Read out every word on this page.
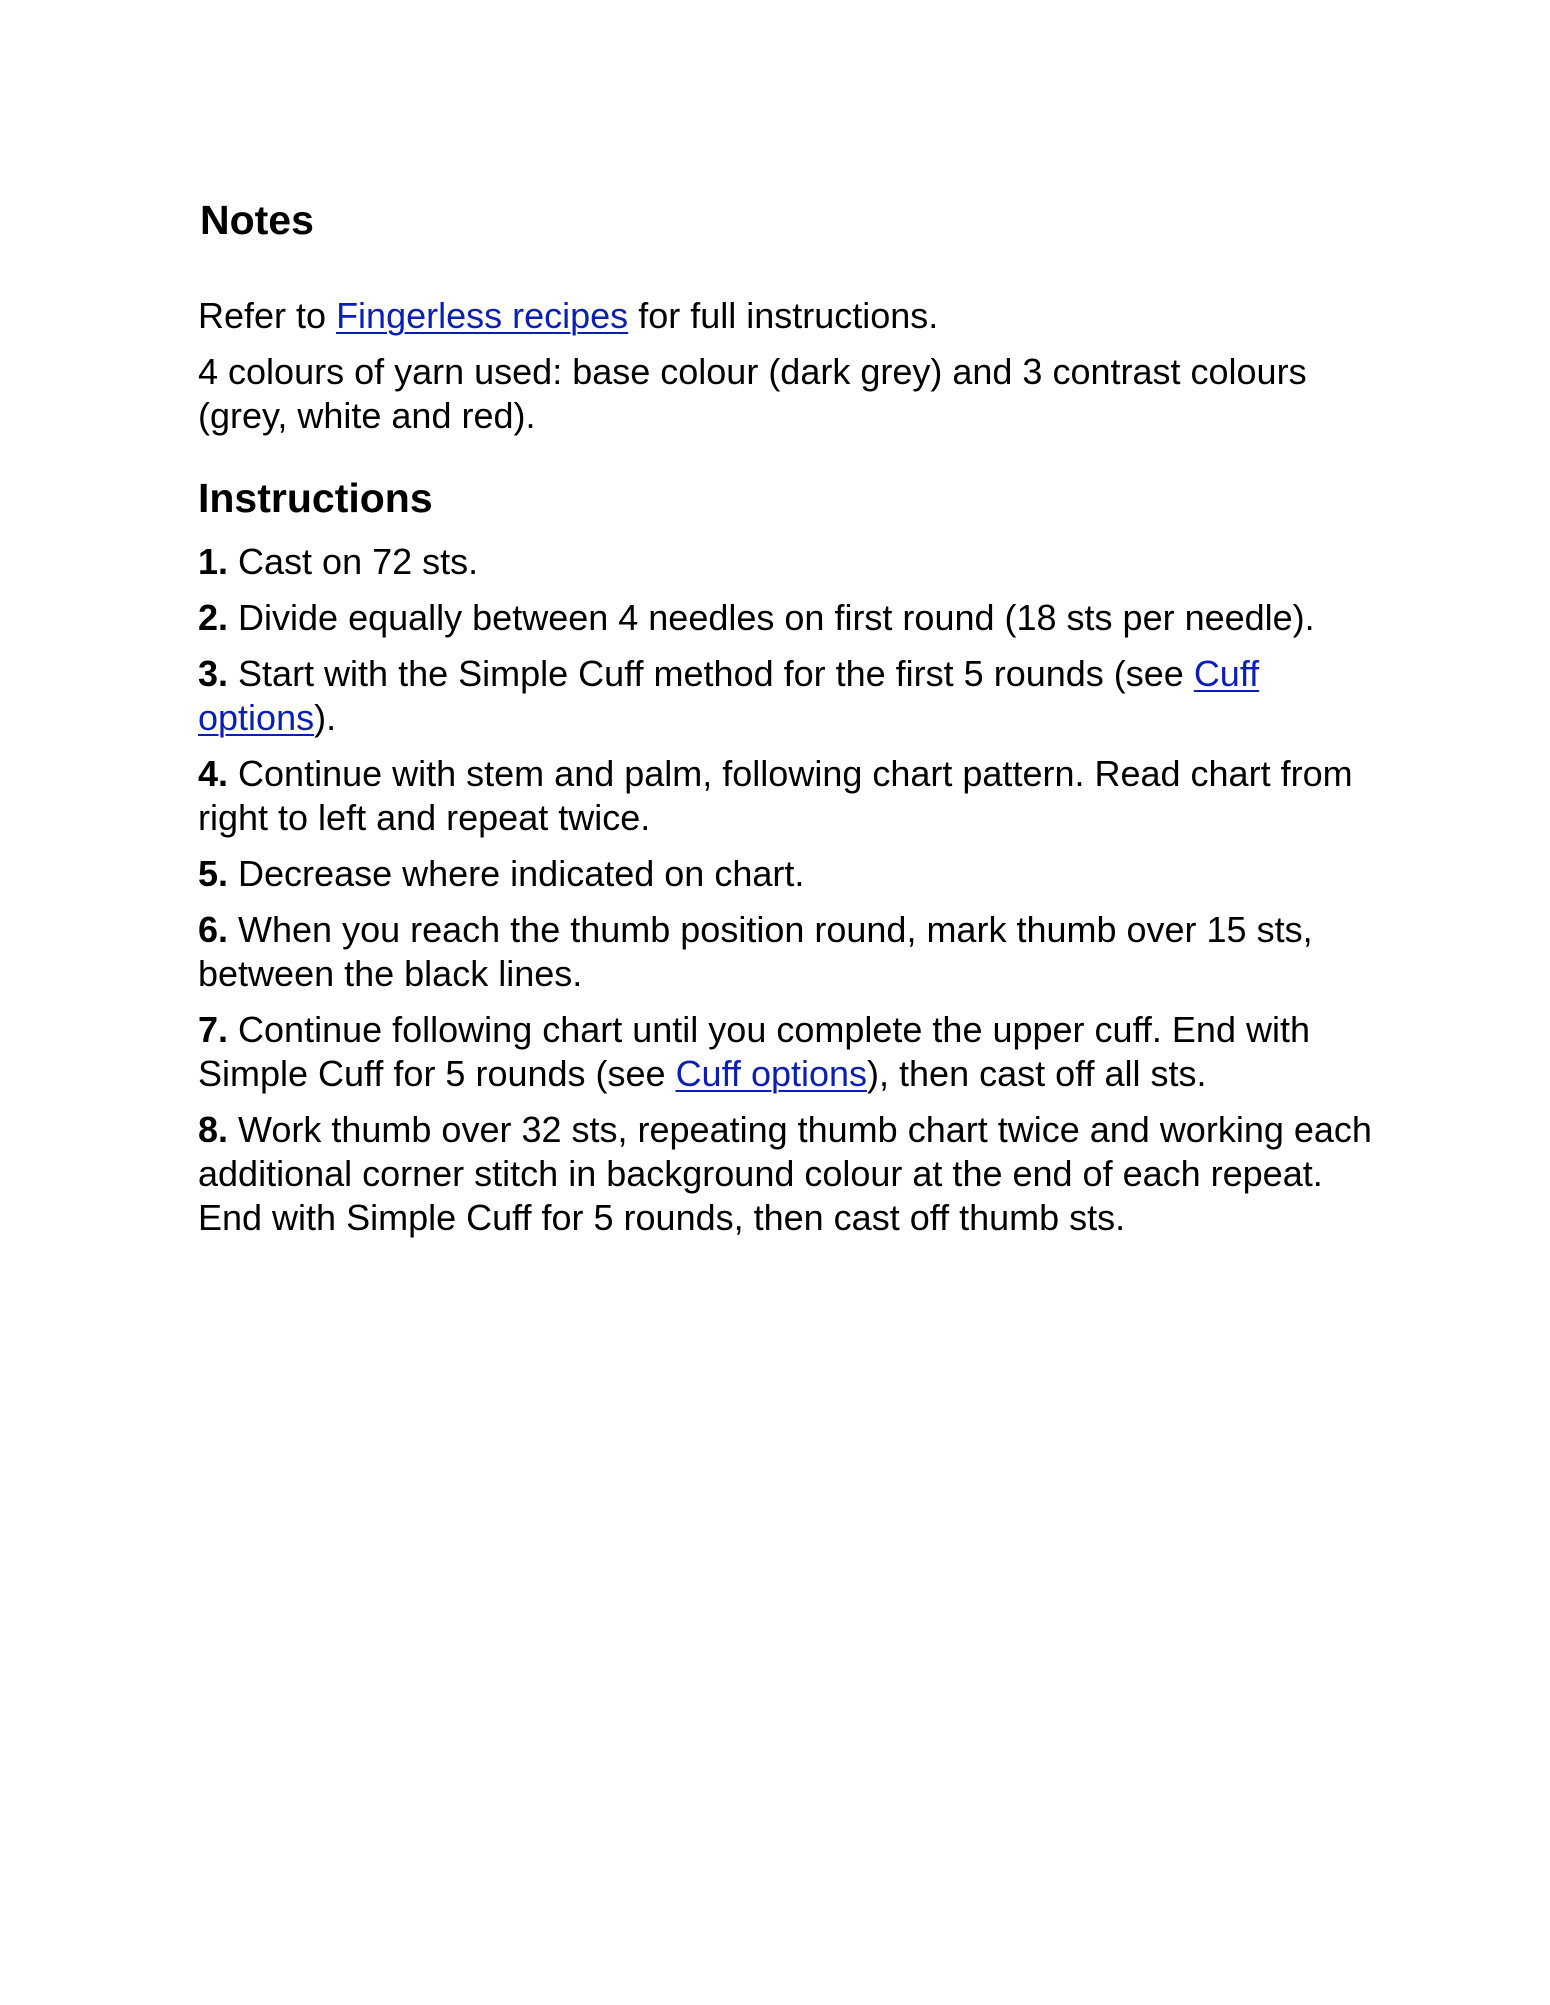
Notes
Refer to Fingerless recipes for full instructions.
4 colours of yarn used: base colour (dark grey) and 3 contrast colours (grey, white and red).
Instructions
1. Cast on 72 sts.
2. Divide equally between 4 needles on first round (18 sts per needle).
3. Start with the Simple Cuff method for the first 5 rounds (see Cuff options).
4. Continue with stem and palm, following chart pattern. Read chart from right to left and repeat twice.
5. Decrease where indicated on chart.
6. When you reach the thumb position round, mark thumb over 15 sts, between the black lines.
7. Continue following chart until you complete the upper cuff. End with Simple Cuff for 5 rounds (see Cuff options), then cast off all sts.
8. Work thumb over 32 sts, repeating thumb chart twice and working each additional corner stitch in background colour at the end of each repeat. End with Simple Cuff for 5 rounds, then cast off thumb sts.
